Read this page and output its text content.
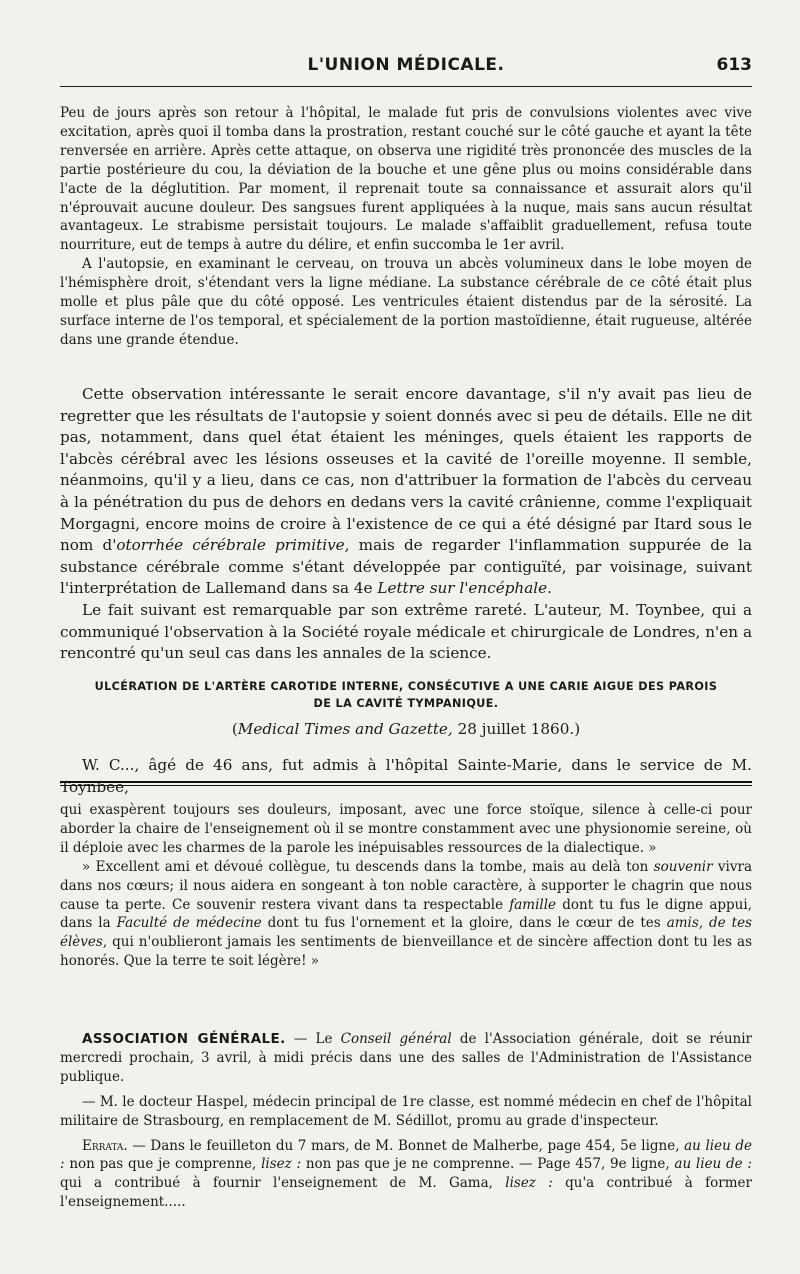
L'UNION MÉDICALE.	613

Peu de jours après son retour à l'hôpital, le malade fut pris de convulsions violentes avec vive excitation, après quoi il tomba dans la prostration, restant couché sur le côté gauche et ayant la tête renversée en arrière. Après cette attaque, on observa une rigidité très prononcée des muscles de la partie postérieure du cou, la déviation de la bouche et une gêne plus ou moins considérable dans l'acte de la déglutition. Par moment, il reprenait toute sa connaissance et assurait alors qu'il n'éprouvait aucune douleur. Des sangsues furent appliquées à la nuque, mais sans aucun résultat avantageux. Le strabisme persistait toujours. Le malade s'affaiblit graduellement, refusa toute nourriture, eut de temps à autre du délire, et enfin succomba le 1er avril.

A l'autopsie, en examinant le cerveau, on trouva un abcès volumineux dans le lobe moyen de l'hémisphère droit, s'étendant vers la ligne médiane. La substance cérébrale de ce côté était plus molle et plus pâle que du côté opposé. Les ventricules étaient distendus par de la sérosité. La surface interne de l'os temporal, et spécialement de la portion mastoïdienne, était rugueuse, altérée dans une grande étendue.

Cette observation intéressante le serait encore davantage, s'il n'y avait pas lieu de regretter que les résultats de l'autopsie y soient donnés avec si peu de détails. Elle ne dit pas, notamment, dans quel état étaient les méninges, quels étaient les rapports de l'abcès cérébral avec les lésions osseuses et la cavité de l'oreille moyenne. Il semble, néanmoins, qu'il y a lieu, dans ce cas, non d'attribuer la formation de l'abcès du cerveau à la pénétration du pus de dehors en dedans vers la cavité crânienne, comme l'expliquait Morgagni, encore moins de croire à l'existence de ce qui a été désigné par Itard sous le nom d'otorrhée cérébrale primitive, mais de regarder l'inflammation suppurée de la substance cérébrale comme s'étant développée par contiguïté, par voisinage, suivant l'interprétation de Lallemand dans sa 4e Lettre sur l'encéphale.

Le fait suivant est remarquable par son extrême rareté. L'auteur, M. Toynbee, qui a communiqué l'observation à la Société royale médicale et chirurgicale de Londres, n'en a rencontré qu'un seul cas dans les annales de la science.

ULCÉRATION DE L'ARTÈRE CAROTIDE INTERNE, CONSÉCUTIVE A UNE CARIE AIGUE DES PAROIS
DE LA CAVITÉ TYMPANIQUE.
(Medical Times and Gazette, 28 juillet 1860.)

W. C..., âgé de 46 ans, fut admis à l'hôpital Sainte-Marie, dans le service de M. Toynbee,

qui exaspèrent toujours ses douleurs, imposant, avec une force stoïque, silence à celle-ci pour aborder la chaire de l'enseignement où il se montre constamment avec une physionomie sereine, où il déploie avec les charmes de la parole les inépuisables ressources de la dialectique. »

» Excellent ami et dévoué collègue, tu descends dans la tombe, mais au delà ton souvenir vivra dans nos cœurs; il nous aidera en songeant à ton noble caractère, à supporter le chagrin que nous cause ta perte. Ce souvenir restera vivant dans ta respectable famille dont tu fus le digne appui, dans la Faculté de médecine dont tu fus l'ornement et la gloire, dans le cœur de tes amis, de tes élèves, qui n'oublieront jamais les sentiments de bienveillance et de sincère affection dont tu les as honorés. Que la terre te soit légère! »

ASSOCIATION GÉNÉRALE. — Le Conseil général de l'Association générale, doit se réunir mercredi prochain, 3 avril, à midi précis dans une des salles de l'Administration de l'Assistance publique.

— M. le docteur Haspel, médecin principal de 1re classe, est nommé médecin en chef de l'hôpital militaire de Strasbourg, en remplacement de M. Sédillot, promu au grade d'inspecteur.

Errata. — Dans le feuilleton du 7 mars, de M. Bonnet de Malherbe, page 454, 5e ligne, au lieu de : non pas que je comprenne, lisez : non pas que je ne comprenne. — Page 457, 9e ligne, au lieu de : qui a contribué à fournir l'enseignement de M. Gama, lisez : qu'a contribué à former l'enseignement.....
